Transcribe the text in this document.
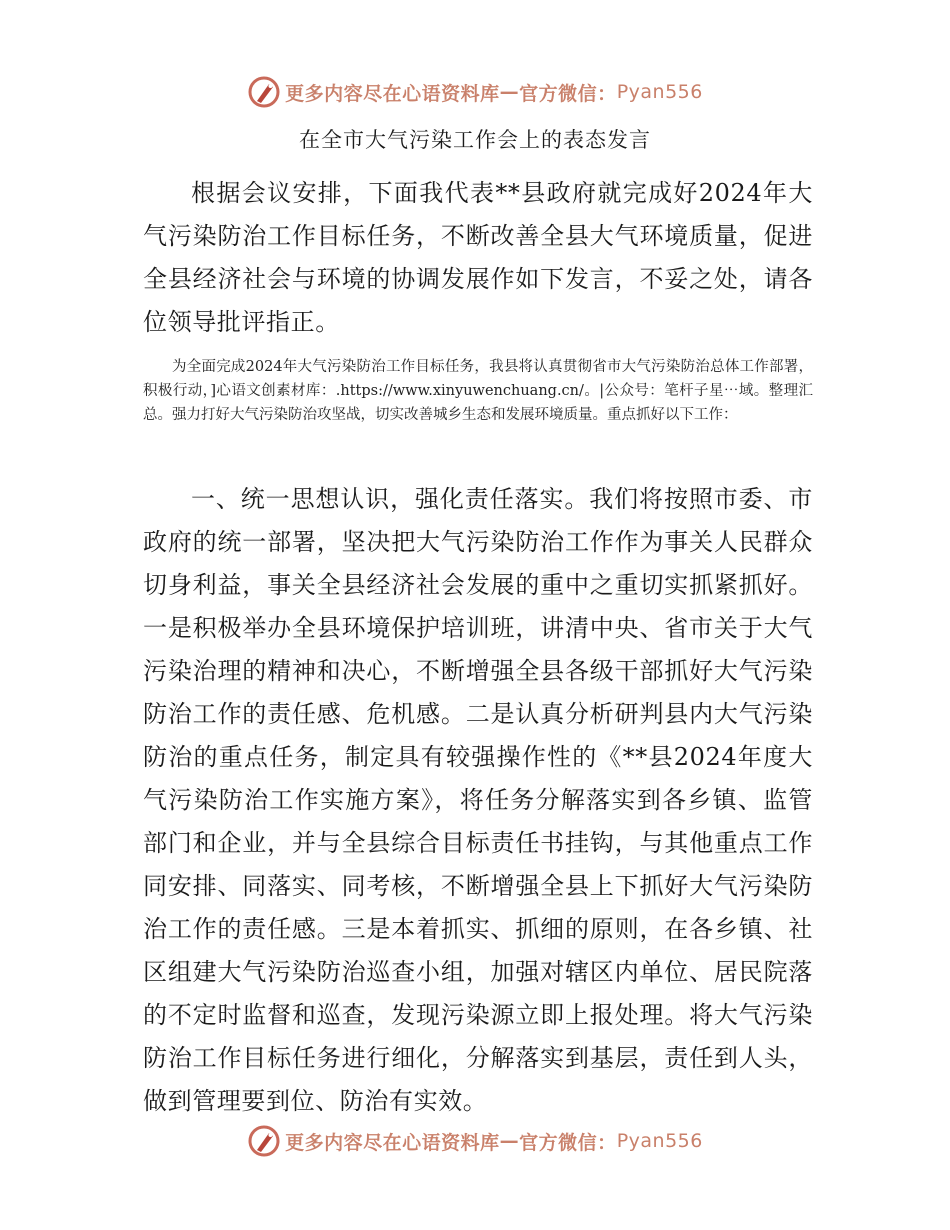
更多内容尽在心语资料库 — 官方微信： Pyan556
在全市大气污染工作会上的表态发言

根据会议安排，下面我代表**县政府就完成好2024年大气污染防治工作目标任务，不断改善全县大气环境质量，促进全县经济社会与环境的协调发展作如下发言，不妥之处，请各位领导批评指正。

为全面完成2024年大气污染防治工作目标任务，我县将认真贯彻省市大气污染防治总体工作部署，积极行动，]心语文创素材库：.https://www.xinyuwenchuang.cn/。|公众号：笔杆子星⋯域。整理汇总。强力打好大气污染防治攻坚战，切实改善城乡生态和发展环境质量。重点抓好以下工作：

一、统一思想认识，强化责任落实。我们将按照市委、市政府的统一部署，坚决把大气污染防治工作作为事关人民群众切身利益，事关全县经济社会发展的重中之重切实抓紧抓好。一是积极举办全县环境保护培训班，讲清中央、省市关于大气污染治理的精神和决心，不断增强全县各级干部抓好大气污染防治工作的责任感、危机感。二是认真分析研判县内大气污染防治的重点任务，制定具有较强操作性的《**县2024年度大气污染防治工作实施方案》，将任务分解落实到各乡镇、监管部门和企业，并与全县综合目标责任书挂钩，与其他重点工作同安排、同落实、同考核，不断增强全县上下抓好大气污染防治工作的责任感。三是本着抓实、抓细的原则，在各乡镇、社区组建大气污染防治巡查小组，加强对辖区内单位、居民院落的不定时监督和巡查，发现污染源立即上报处理。将大气污染防治工作目标任务进行细化，分解落实到基层，责任到人头，做到管理要到位、防治有实效。

更多内容尽在心语资料库 — 官方微信： Pyan556
